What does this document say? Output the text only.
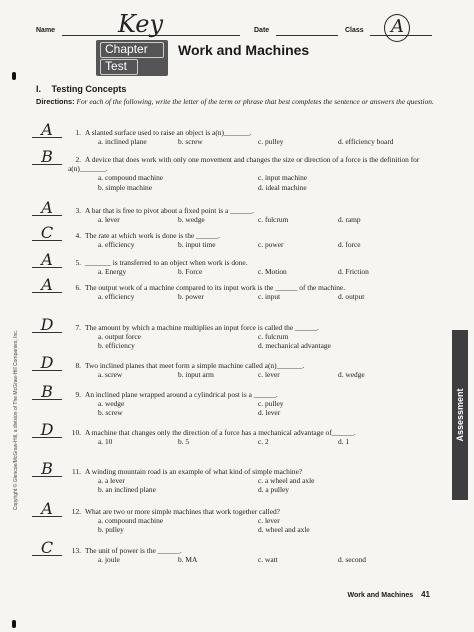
Name	Key	Date	Class A
Chapter
Test
Work and Machines
I. Testing Concepts
Directions: For each of the following, write the letter of the term or phrase that best completes the sentence or answers the question.
A	1. A slanted surface used to raise an object is a(n)_______.
a. inclined plane	b. screw	c. pulley	d. efficiency board
B	2. A device that does work with only one movement and changes the size or direction of a force is the definition for a(n)_______.
a. compound machine	c. input machine
b. simple machine	d. ideal machine
A	3. A bar that is free to pivot about a fixed point is a ______.
a. lever	b. wedge	c. fulcrum	d. ramp
C	4. The rate at which work is done is the ______.
a. efficiency	b. input time	c. power	d. force
A	5. _______ is transferred to an object when work is done.
a. Energy	b. Force	c. Motion	d. Friction
A	6. The output work of a machine compared to its input work is the ______ of the machine.
a. efficiency	b. power	c. input	d. output
D	7. The amount by which a machine multiplies an input force is called the ______.
a. output force	c. fulcrum
b. efficiency	d. mechanical advantage
D	8. Two inclined planes that meet form a simple machine called a(n)_______.
a. screw	b. input arm	c. lever	d. wedge
B	9. An inclined plane wrapped around a cylindrical post is a ______.
a. wedge	c. pulley
b. screw	d. lever
D	10. A machine that changes only the direction of a force has a mechanical advantage of______.
a. 10	b. 5	c. 2	d. 1
B	11. A winding mountain road is an example of what kind of simple machine?
a. a lever	c. a wheel and axle
b. an inclined plane	d. a pulley
A	12. What are two or more simple machines that work together called?
a. compound machine	c. lever
b. pulley	d. wheel and axle
C	13. The unit of power is the ______.
a. joule	b. MA	c. watt	d. second
Copyright © Glencoe/McGraw-Hill, a division of The McGraw-Hill Companies, Inc.	Assessment
Work and Machines 41
